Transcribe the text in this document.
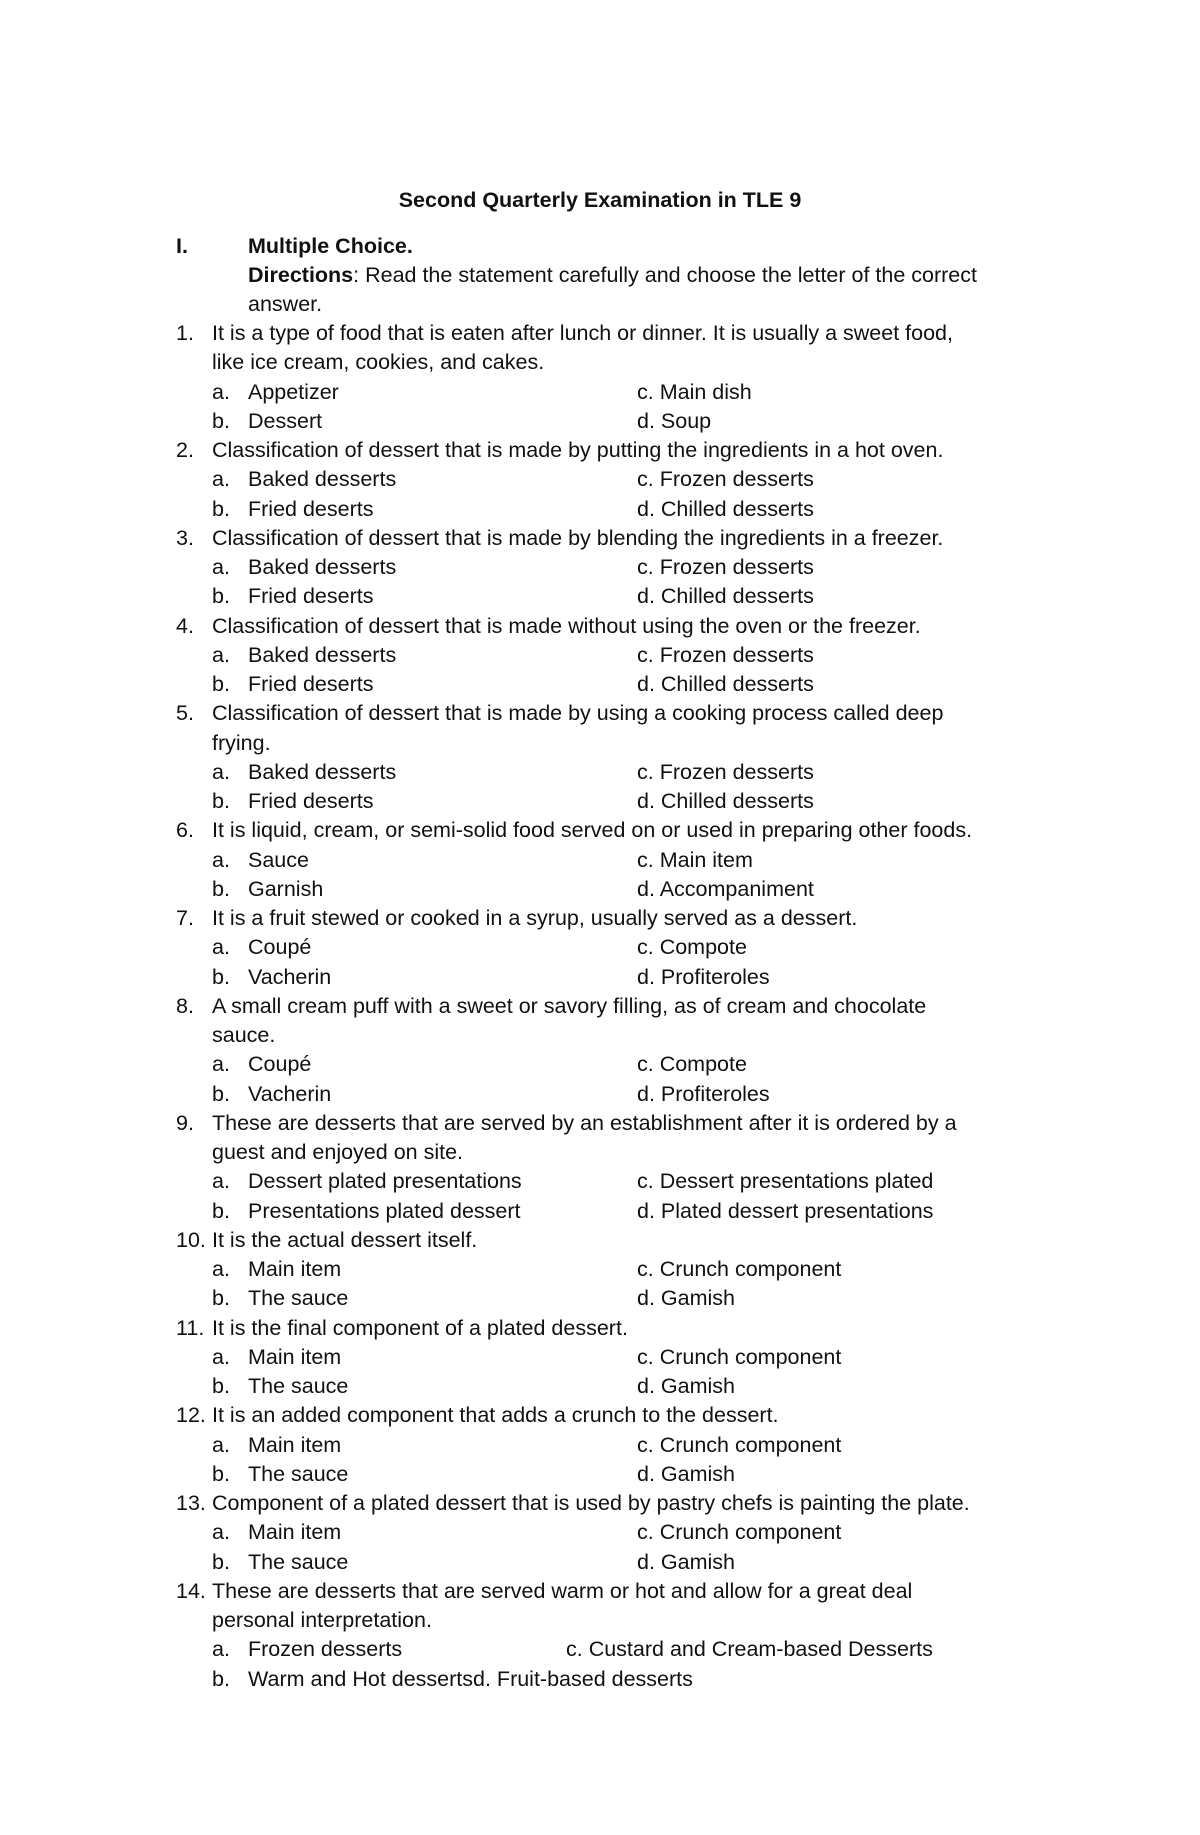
Second Quarterly Examination in TLE 9
I.	Multiple Choice.
Directions: Read the statement carefully and choose the letter of the correct
answer.
1. It is a type of food that is eaten after lunch or dinner. It is usually a sweet food,
like ice cream, cookies, and cakes.
a. Appetizer	c. Main dish
b. Dessert	d. Soup
2. Classification of dessert that is made by putting the ingredients in a hot oven.
a. Baked desserts	c. Frozen desserts
b. Fried deserts	d. Chilled desserts
3. Classification of dessert that is made by blending the ingredients in a freezer.
a. Baked desserts	c. Frozen desserts
b. Fried deserts	d. Chilled desserts
4. Classification of dessert that is made without using the oven or the freezer.
a. Baked desserts	c. Frozen desserts
b. Fried deserts	d. Chilled desserts
5. Classification of dessert that is made by using a cooking process called deep
frying.
a. Baked desserts	c. Frozen desserts
b. Fried deserts	d. Chilled desserts
6. It is liquid, cream, or semi-solid food served on or used in preparing other foods.
a. Sauce	c. Main item
b. Garnish	d. Accompaniment
7. It is a fruit stewed or cooked in a syrup, usually served as a dessert.
a. Coupé	c. Compote
b. Vacherin	d. Profiteroles
8. A small cream puff with a sweet or savory filling, as of cream and chocolate
sauce.
a. Coupé	c. Compote
b. Vacherin	d. Profiteroles
9. These are desserts that are served by an establishment after it is ordered by a
guest and enjoyed on site.
a. Dessert plated presentations	c. Dessert presentations plated
b. Presentations plated dessert	d. Plated dessert presentations
10. It is the actual dessert itself.
a. Main item	c. Crunch component
b. The sauce	d. Gamish
11. It is the final component of a plated dessert.
a. Main item	c. Crunch component
b. The sauce	d. Gamish
12. It is an added component that adds a crunch to the dessert.
a. Main item	c. Crunch component
b. The sauce	d. Gamish
13. Component of a plated dessert that is used by pastry chefs is painting the plate.
a. Main item	c. Crunch component
b. The sauce	d. Gamish
14. These are desserts that are served warm or hot and allow for a great deal
personal interpretation.
a. Frozen desserts	c. Custard and Cream-based Desserts
b. Warm and Hot dessertsd. Fruit-based desserts
